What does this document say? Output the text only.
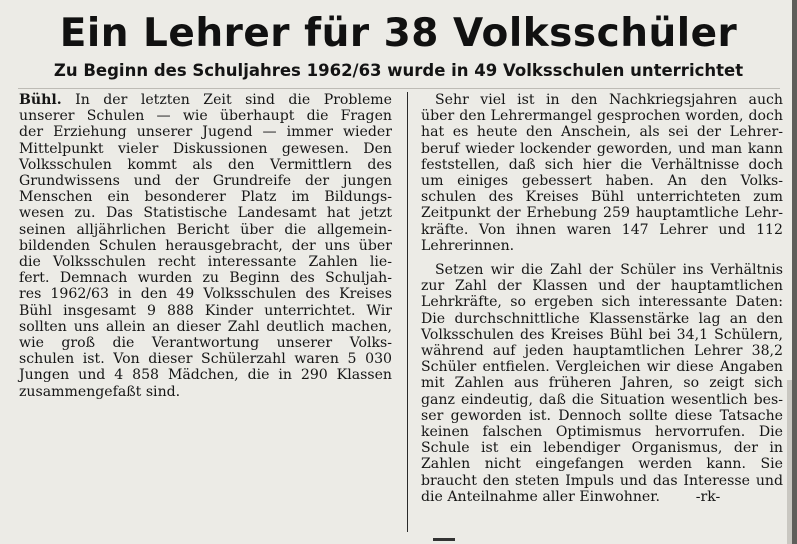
Ein Lehrer für 38 Volksschüler
Zu Beginn des Schuljahres 1962/63 wurde in 49 Volksschulen unterrichtet
Bühl. In der letzten Zeit sind die Probleme
unserer Schulen — wie überhaupt die Fragen
der Erziehung unserer Jugend — immer wieder
Mittelpunkt vieler Diskussionen gewesen. Den
Volksschulen kommt als den Vermittlern des
Grundwissens und der Grundreife der jungen
Menschen ein besonderer Platz im Bildungs-
wesen zu. Das Statistische Landesamt hat jetzt
seinen alljährlichen Bericht über die allgemein-
bildenden Schulen herausgebracht, der uns über
die Volksschulen recht interessante Zahlen lie-
fert. Demnach wurden zu Beginn des Schuljah-
res 1962/63 in den 49 Volksschulen des Kreises
Bühl insgesamt 9 888 Kinder unterrichtet. Wir
sollten uns allein an dieser Zahl deutlich machen,
wie groß die Verantwortung unserer Volks-
schulen ist. Von dieser Schülerzahl waren 5 030
Jungen und 4 858 Mädchen, die in 290 Klassen
zusammengefaßt sind.
Sehr viel ist in den Nachkriegsjahren auch
über den Lehrermangel gesprochen worden, doch
hat es heute den Anschein, als sei der Lehrer-
beruf wieder lockender geworden, und man kann
feststellen, daß sich hier die Verhältnisse doch
um einiges gebessert haben. An den Volks-
schulen des Kreises Bühl unterrichteten zum
Zeitpunkt der Erhebung 259 hauptamtliche Lehr-
kräfte. Von ihnen waren 147 Lehrer und 112
Lehrerinnen.
Setzen wir die Zahl der Schüler ins Verhältnis
zur Zahl der Klassen und der hauptamtlichen
Lehrkräfte, so ergeben sich interessante Daten:
Die durchschnittliche Klassenstärke lag an den
Volksschulen des Kreises Bühl bei 34,1 Schülern,
während auf jeden hauptamtlichen Lehrer 38,2
Schüler entfielen. Vergleichen wir diese Angaben
mit Zahlen aus früheren Jahren, so zeigt sich
ganz eindeutig, daß die Situation wesentlich bes-
ser geworden ist. Dennoch sollte diese Tatsache
keinen falschen Optimismus hervorrufen. Die
Schule ist ein lebendiger Organismus, der in
Zahlen nicht eingefangen werden kann. Sie
braucht den steten Impuls und das Interesse und
die Anteilnahme aller Einwohner.        -rk-
